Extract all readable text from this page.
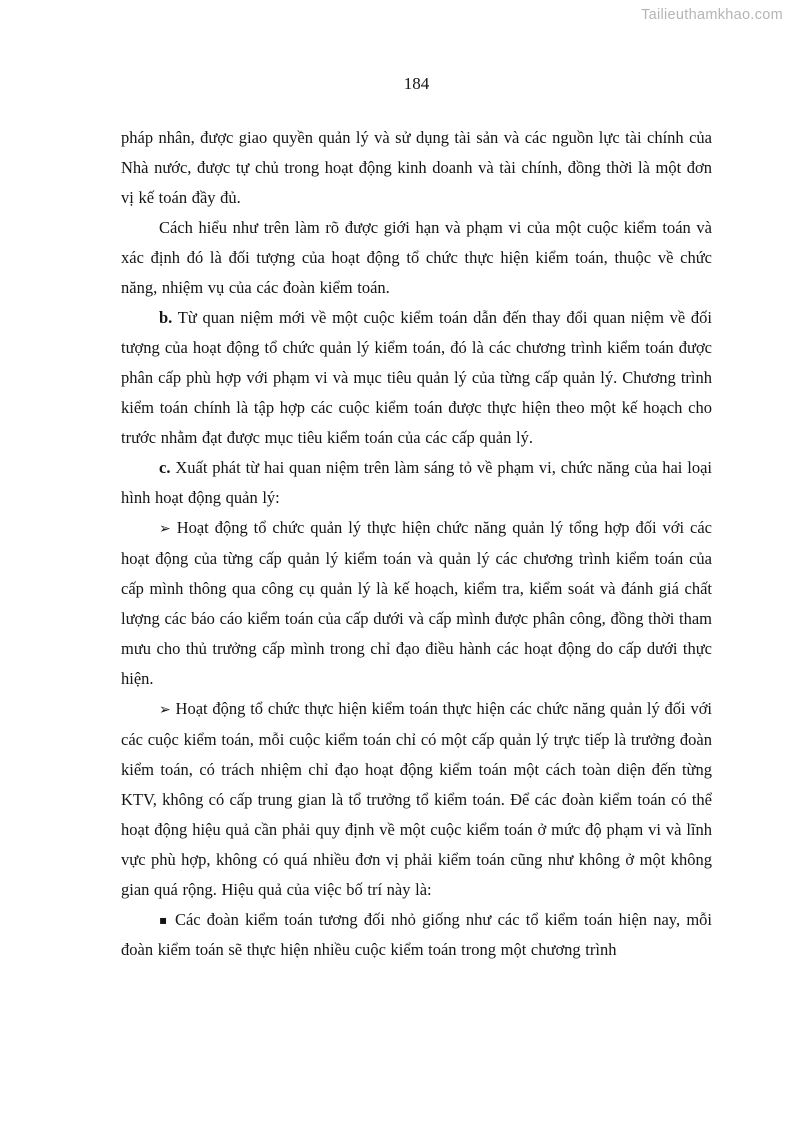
Tailieuthamkhao.com
184

pháp nhân, được giao quyền quản lý và sử dụng tài sản và các nguồn lực tài chính của Nhà nước, được tự chủ trong hoạt động kinh doanh và tài chính, đồng thời là một đơn vị kế toán đầy đủ.

Cách hiểu như trên làm rõ được giới hạn và phạm vi của một cuộc kiểm toán và xác định đó là đối tượng của hoạt động tổ chức thực hiện kiểm toán, thuộc về chức năng, nhiệm vụ của các đoàn kiểm toán.

b. Từ quan niệm mới về một cuộc kiểm toán dẫn đến thay đổi quan niệm về đối tượng của hoạt động tổ chức quản lý kiểm toán, đó là các chương trình kiểm toán được phân cấp phù hợp với phạm vi và mục tiêu quản lý của từng cấp quản lý. Chương trình kiểm toán chính là tập hợp các cuộc kiểm toán được thực hiện theo một kế hoạch cho trước nhằm đạt được mục tiêu kiểm toán của các cấp quản lý.

c. Xuất phát từ hai quan niệm trên làm sáng tỏ về phạm vi, chức năng của hai loại hình hoạt động quản lý:

➢ Hoạt động tổ chức quản lý thực hiện chức năng quản lý tổng hợp đối với các hoạt động của từng cấp quản lý kiểm toán và quản lý các chương trình kiểm toán của cấp mình thông qua công cụ quản lý là kế hoạch, kiểm tra, kiểm soát và đánh giá chất lượng các báo cáo kiểm toán của cấp dưới và cấp mình được phân công, đồng thời tham mưu cho thủ trưởng cấp mình trong chỉ đạo điều hành các hoạt động do cấp dưới thực hiện.

➢ Hoạt động tổ chức thực hiện kiểm toán thực hiện các chức năng quản lý đối với các cuộc kiểm toán, mỗi cuộc kiểm toán chỉ có một cấp quản lý trực tiếp là trưởng đoàn kiểm toán, có trách nhiệm chỉ đạo hoạt động kiểm toán một cách toàn diện đến từng KTV, không có cấp trung gian là tổ trưởng tổ kiểm toán. Để các đoàn kiểm toán có thể hoạt động hiệu quả cần phải quy định về một cuộc kiểm toán ở mức độ phạm vi và lĩnh vực phù hợp, không có quá nhiều đơn vị phải kiểm toán cũng như không ở một không gian quá rộng. Hiệu quả của việc bố trí này là:

▪ Các đoàn kiểm toán tương đối nhỏ giống như các tổ kiểm toán hiện nay, mỗi đoàn kiểm toán sẽ thực hiện nhiều cuộc kiểm toán trong một chương trình
